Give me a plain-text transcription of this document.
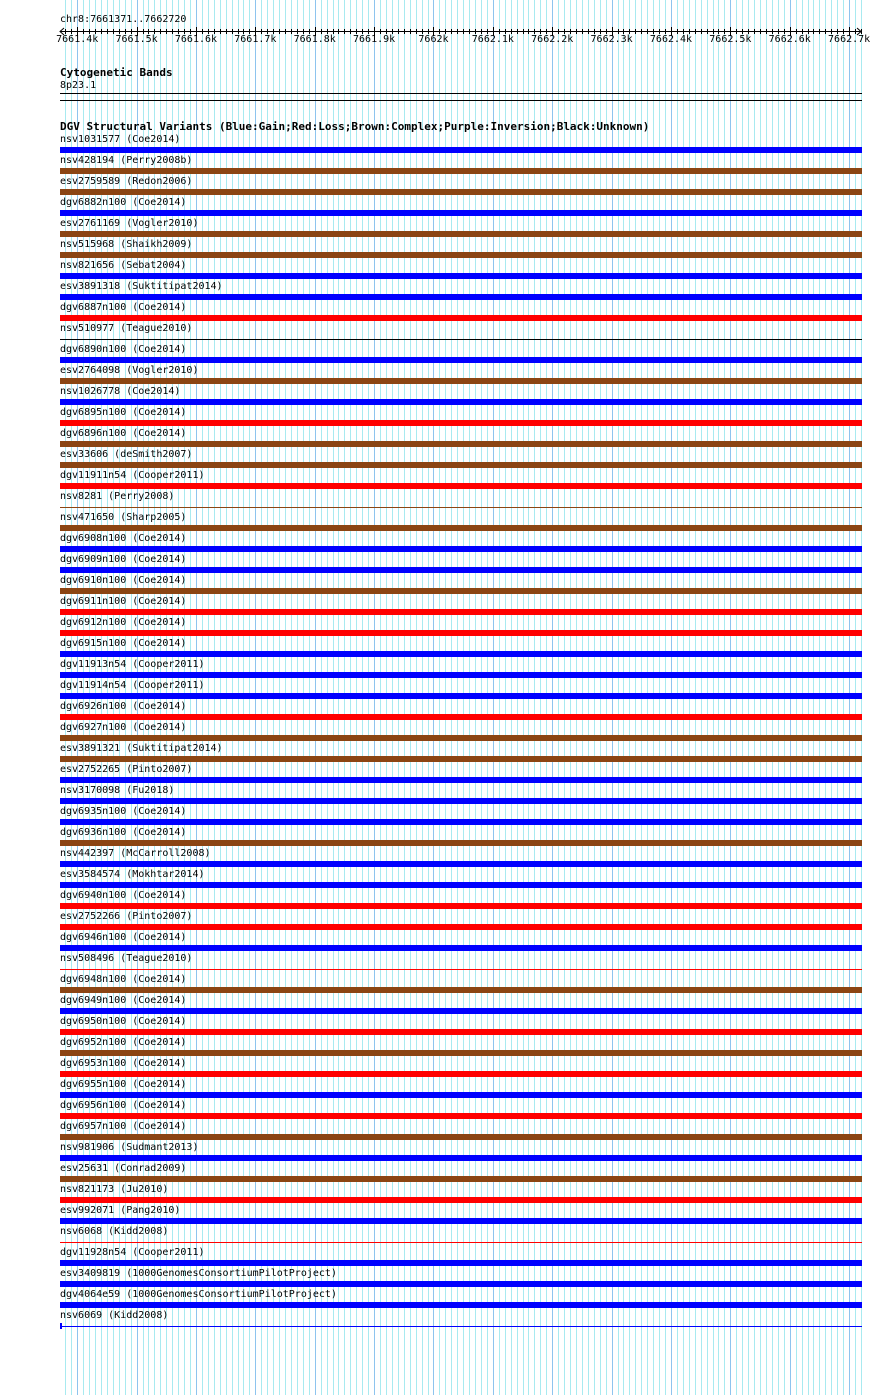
chr8:7661371..7662720
7661.4k 7661.5k 7661.6k 7661.7k 7661.8k 7661.9k 7662k 7662.1k 7662.2k 7662.3k 7662.4k 7662.5k 7662.6k 7662.7k
Cytogenetic Bands
8p23.1
DGV Structural Variants (Blue:Gain;Red:Loss;Brown:Complex;Purple:Inversion;Black:Unknown)
nsv1031577 (Coe2014)
nsv428194 (Perry2008b)
esv2759589 (Redon2006)
dgv6882n100 (Coe2014)
esv2761169 (Vogler2010)
nsv515968 (Shaikh2009)
nsv821656 (Sebat2004)
esv3891318 (Suktitipat2014)
dgv6887n100 (Coe2014)
nsv510977 (Teague2010)
dgv6890n100 (Coe2014)
esv2764098 (Vogler2010)
nsv1026778 (Coe2014)
dgv6895n100 (Coe2014)
dgv6896n100 (Coe2014)
esv33606 (deSmith2007)
dgv11911n54 (Cooper2011)
nsv8281 (Perry2008)
nsv471650 (Sharp2005)
dgv6908n100 (Coe2014)
dgv6909n100 (Coe2014)
dgv6910n100 (Coe2014)
dgv6911n100 (Coe2014)
dgv6912n100 (Coe2014)
dgv6915n100 (Coe2014)
dgv11913n54 (Cooper2011)
dgv11914n54 (Cooper2011)
dgv6926n100 (Coe2014)
dgv6927n100 (Coe2014)
esv3891321 (Suktitipat2014)
esv2752265 (Pinto2007)
nsv3170098 (Fu2018)
dgv6935n100 (Coe2014)
dgv6936n100 (Coe2014)
nsv442397 (McCarroll2008)
esv3584574 (Mokhtar2014)
dgv6940n100 (Coe2014)
esv2752266 (Pinto2007)
dgv6946n100 (Coe2014)
nsv508496 (Teague2010)
dgv6948n100 (Coe2014)
dgv6949n100 (Coe2014)
dgv6950n100 (Coe2014)
dgv6952n100 (Coe2014)
dgv6953n100 (Coe2014)
dgv6955n100 (Coe2014)
dgv6956n100 (Coe2014)
dgv6957n100 (Coe2014)
nsv981906 (Sudmant2013)
esv25631 (Conrad2009)
nsv821173 (Ju2010)
esv992071 (Pang2010)
nsv6068 (Kidd2008)
dgv11928n54 (Cooper2011)
esv3409819 (1000GenomesConsortiumPilotProject)
dgv4064e59 (1000GenomesConsortiumPilotProject)
nsv6069 (Kidd2008)
